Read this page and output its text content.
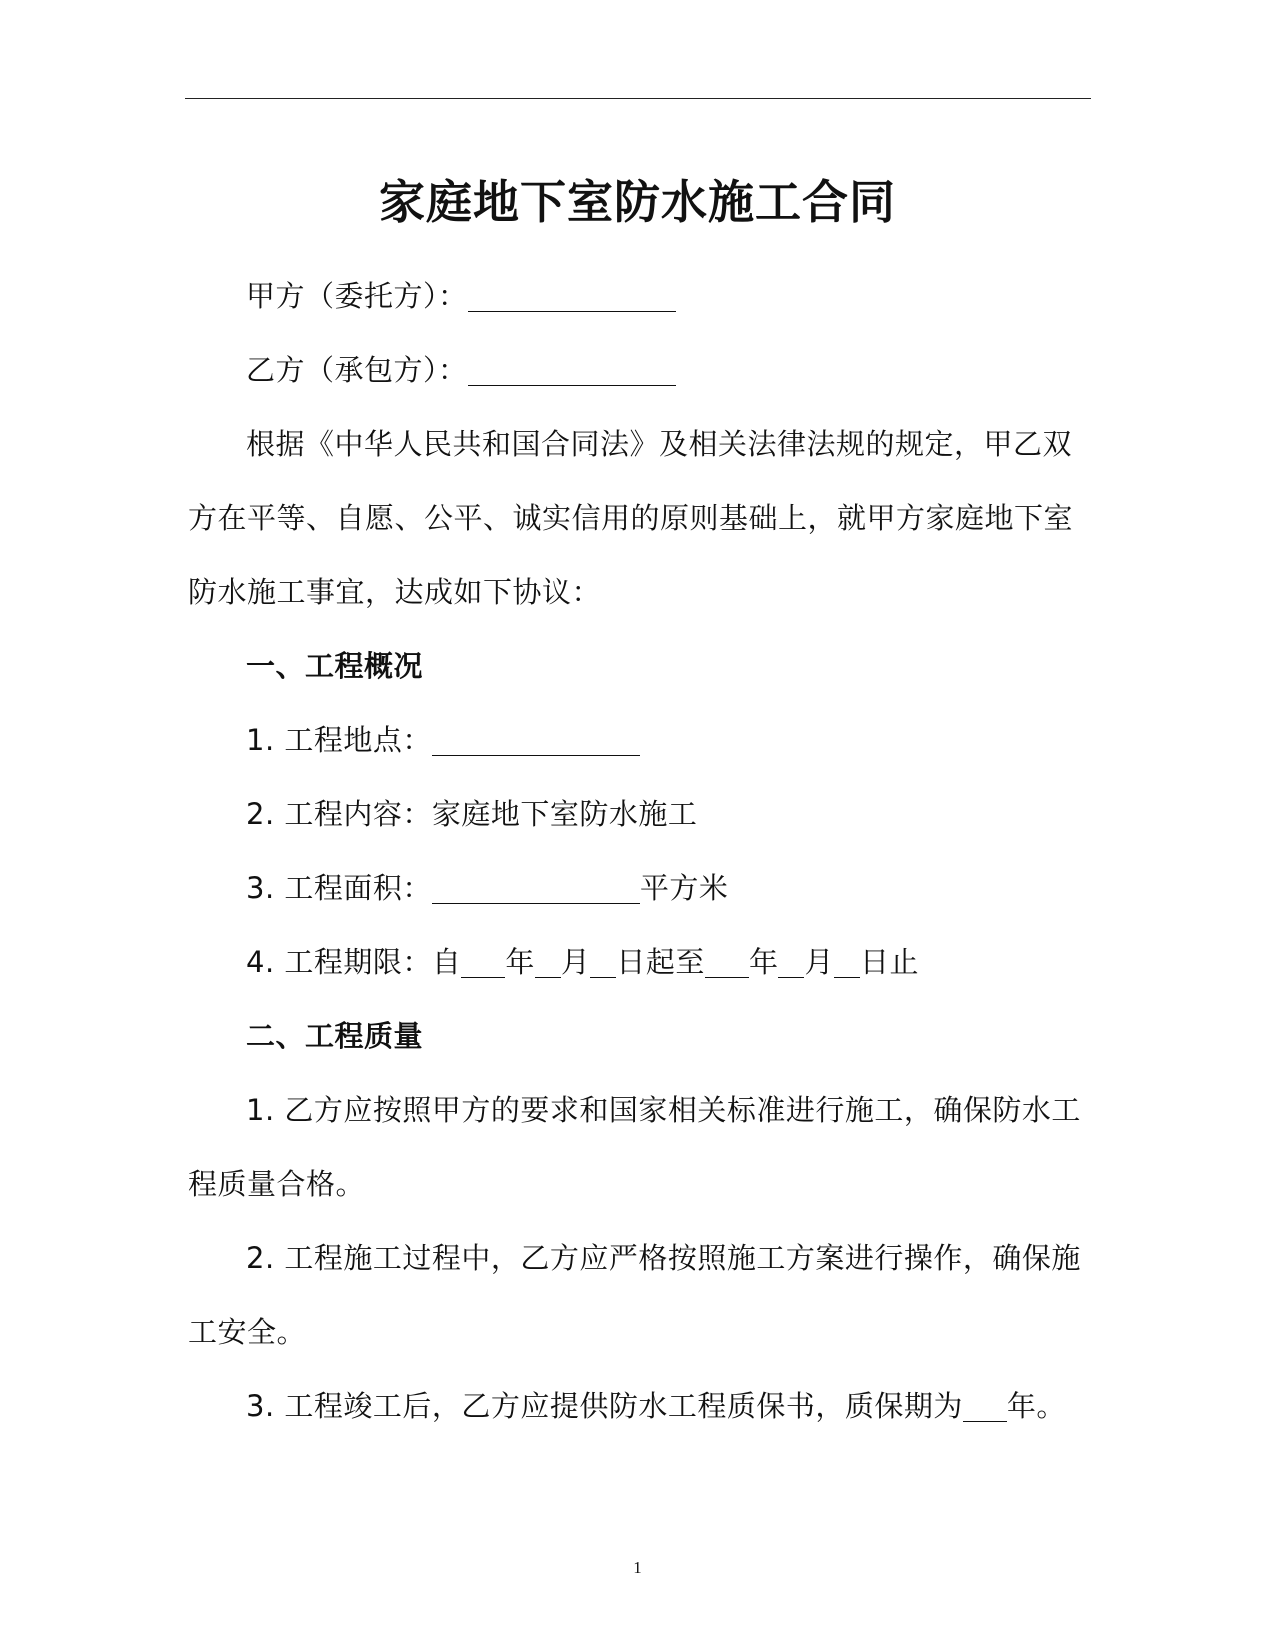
家庭地下室防水施工合同
甲方（委托方）：
乙方（承包方）：
根据《中华人民共和国合同法》及相关法律法规的规定，甲乙双
方在平等、自愿、公平、诚实信用的原则基础上，就甲方家庭地下室
防水施工事宜，达成如下协议：
一、工程概况
1. 工程地点：
2. 工程内容：家庭地下室防水施工
3. 工程面积：	平方米
4. 工程期限：自 年 月 日起至 年 月 日止
二、工程质量
1. 乙方应按照甲方的要求和国家相关标准进行施工，确保防水工
程质量合格。
2. 工程施工过程中，乙方应严格按照施工方案进行操作，确保施
工安全。
3. 工程竣工后，乙方应提供防水工程质保书，质保期为 年。
1
